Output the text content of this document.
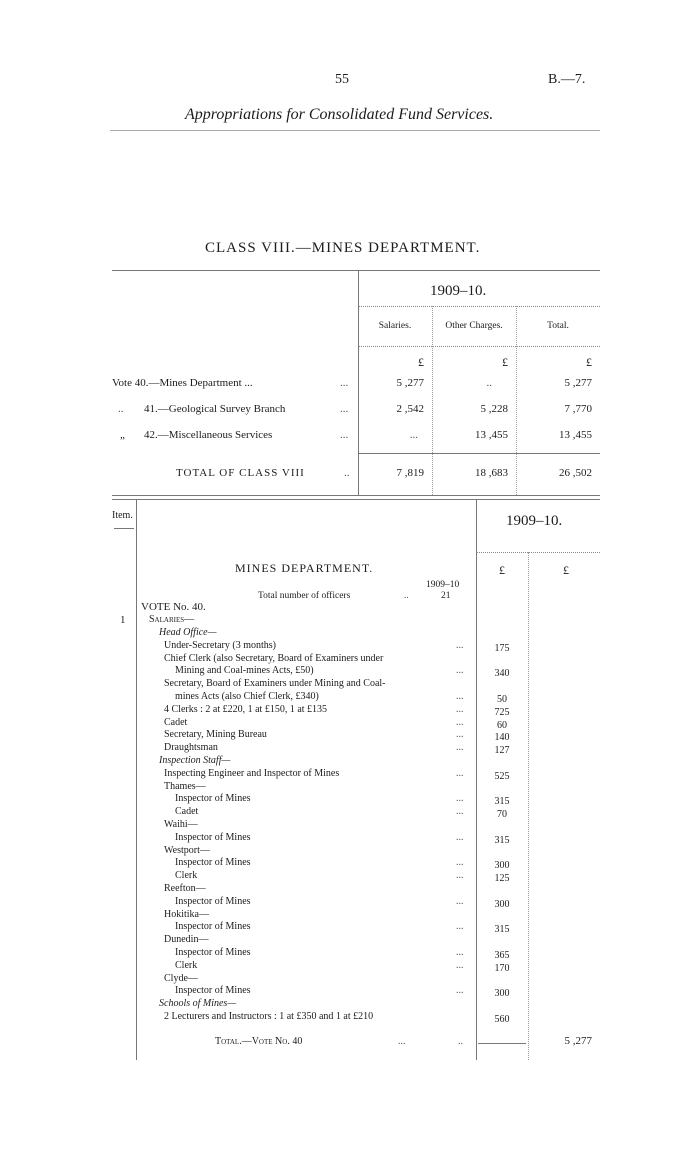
55	B.—7.
Appropriations for Consolidated Fund Services.
CLASS VIII.—MINES DEPARTMENT.
1909–10.
Salaries.	Other Charges.	Total.
£	£	£
Vote 40.—Mines Department ...	...	5 ,277	..	5 ,277
.. 41.—Geological Survey Branch	...	2 ,542	5 ,228	7 ,770
„ 42.—Miscellaneous Services	...	...	13 ,455	13 ,455
TOTAL OF CLASS VIII	..	7 ,819	18 ,683	26 ,502
Item.	1909–10.
£	£
MINES DEPARTMENT.
1909–10
Total number of officers	..	21
VOTE No. 40.
1 Salaries—
Head Office—
Under-Secretary (3 months)	...	175
Chief Clerk (also Secretary, Board of Examiners under
Mining and Coal-mines Acts, £50)	...	340
Secretary, Board of Examiners under Mining and Coal-
mines Acts (also Chief Clerk, £340)	...	50
4 Clerks : 2 at £220, 1 at £150, 1 at £135	...	725
Cadet	...	60
Secretary, Mining Bureau	...	140
Draughtsman	...	127
Inspection Staff—
Inspecting Engineer and Inspector of Mines	...	525
Thames—
Inspector of Mines	...	315
Cadet	...	70
Waihi—
Inspector of Mines	...	315
Westport—
Inspector of Mines	...	300
Clerk	...	125
Reefton—
Inspector of Mines	...	300
Hokitika—
Inspector of Mines	...	315
Dunedin—
Inspector of Mines	...	365
Clerk	...	170
Clyde—
Inspector of Mines	...	300
Schools of Mines—
2 Lecturers and Instructors : 1 at £350 and 1 at £210	560
Total.—Vote No. 40	...	..	5 ,277
